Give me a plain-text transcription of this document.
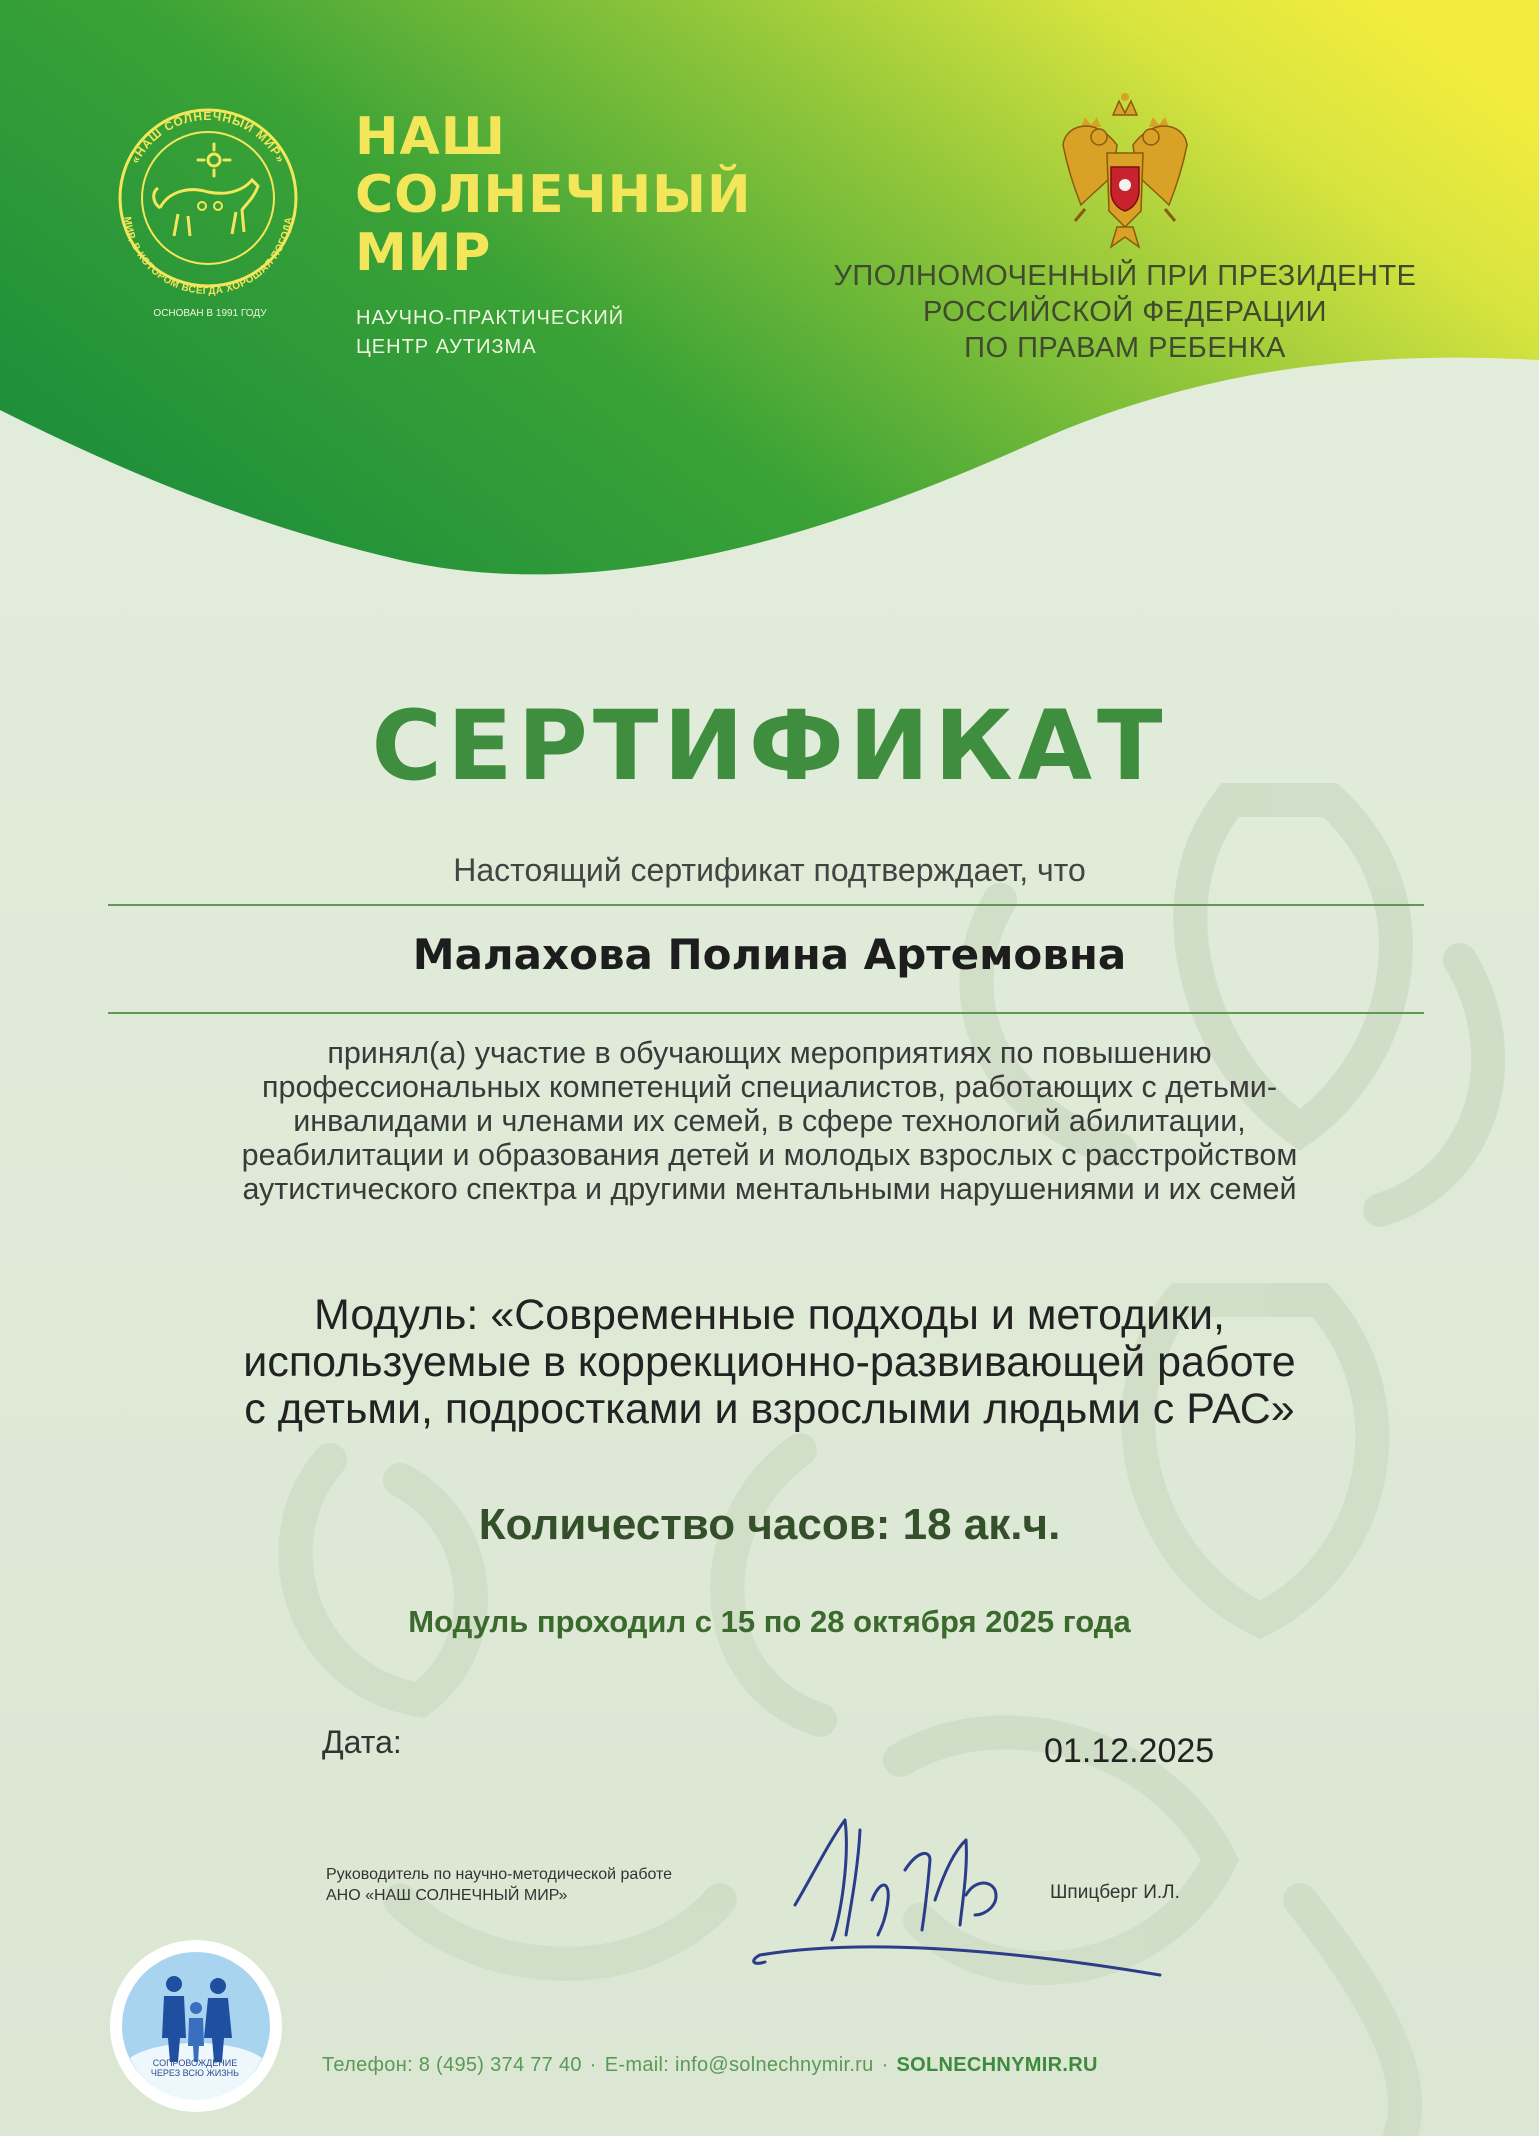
«НАШ СОЛНЕЧНЫЙ МИР»
МИР, В КОТОРОМ ВСЕГДА ХОРОШАЯ ПОГОДА
НАШ
СОЛНЕЧНЫЙ
МИР
НАУЧНО-ПРАКТИЧЕСКИЙ
ЦЕНТР АУТИЗМА
ОСНОВАН В 1991 ГОДУ
УПОЛНОМОЧЕННЫЙ ПРИ ПРЕЗИДЕНТЕ
РОССИЙСКОЙ ФЕДЕРАЦИИ
ПО ПРАВАМ РЕБЕНКА
СЕРТИФИКАТ
Настоящий сертификат подтверждает, что
Малахова Полина Артемовна
принял(а) участие в обучающих мероприятиях по повышению
профессиональных компетенций специалистов, работающих с детьми-
инвалидами и членами их семей, в сфере технологий абилитации,
реабилитации и образования детей и молодых взрослых с расстройством
аутистического спектра и другими ментальными нарушениями и их семей
Модуль: «Современные подходы и методики,
используемые в коррекционно-развивающей работе
с детьми, подростками и взрослыми людьми с РАС»
Количество часов: 18 ак.ч.
Модуль проходил с 15 по 28 октября 2025 года
Дата:	01.12.2025
Руководитель по научно-методической работе
АНО «НАШ СОЛНЕЧНЫЙ МИР»	Шпицберг И.Л.
СОПРОВОЖДЕНИЕ
ЧЕРЕЗ ВСЮ ЖИЗНЬ	Телефон: 8 (495) 374 77 40 · E-mail: info@solnechnymir.ru · SOLNECHNYMIR.RU
